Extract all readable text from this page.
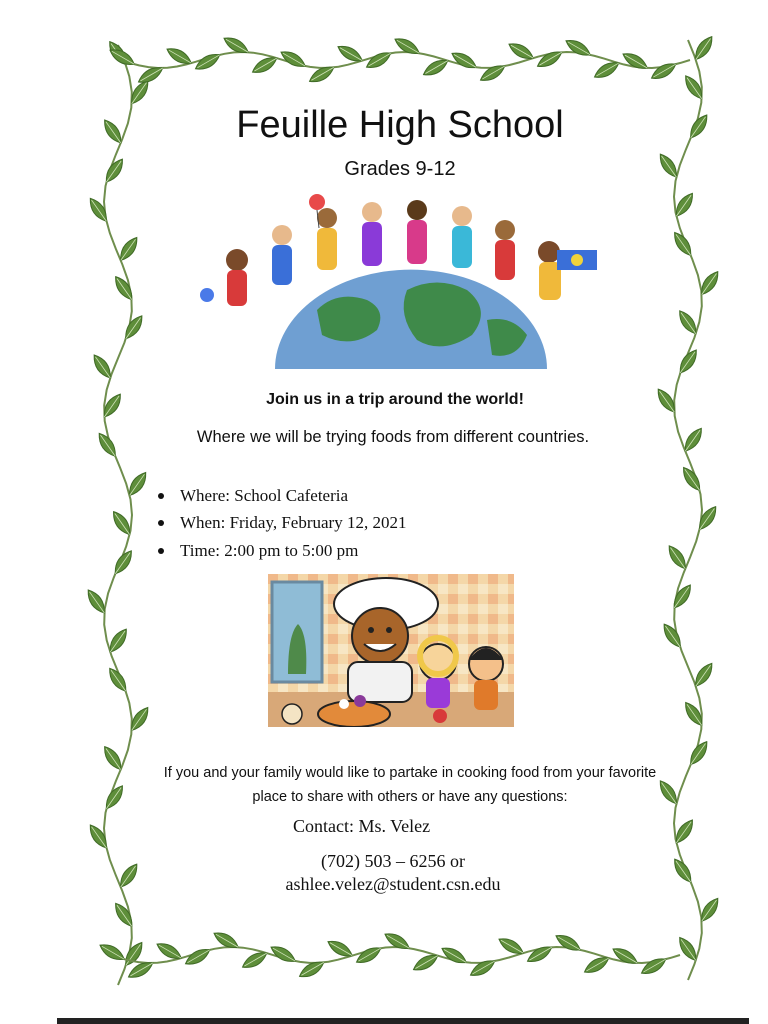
Feuille High School
Grades 9-12
Join us in a trip around the world!
Where we will be trying foods from different countries.
Where: School Cafeteria
When: Friday, February 12, 2021
Time: 2:00 pm to 5:00 pm
If you and your family would like to partake in cooking food from your favorite place to share with others or have any questions:
Contact: Ms. Velez
(702) 503 – 6256 or
ashlee.velez@student.csn.edu
